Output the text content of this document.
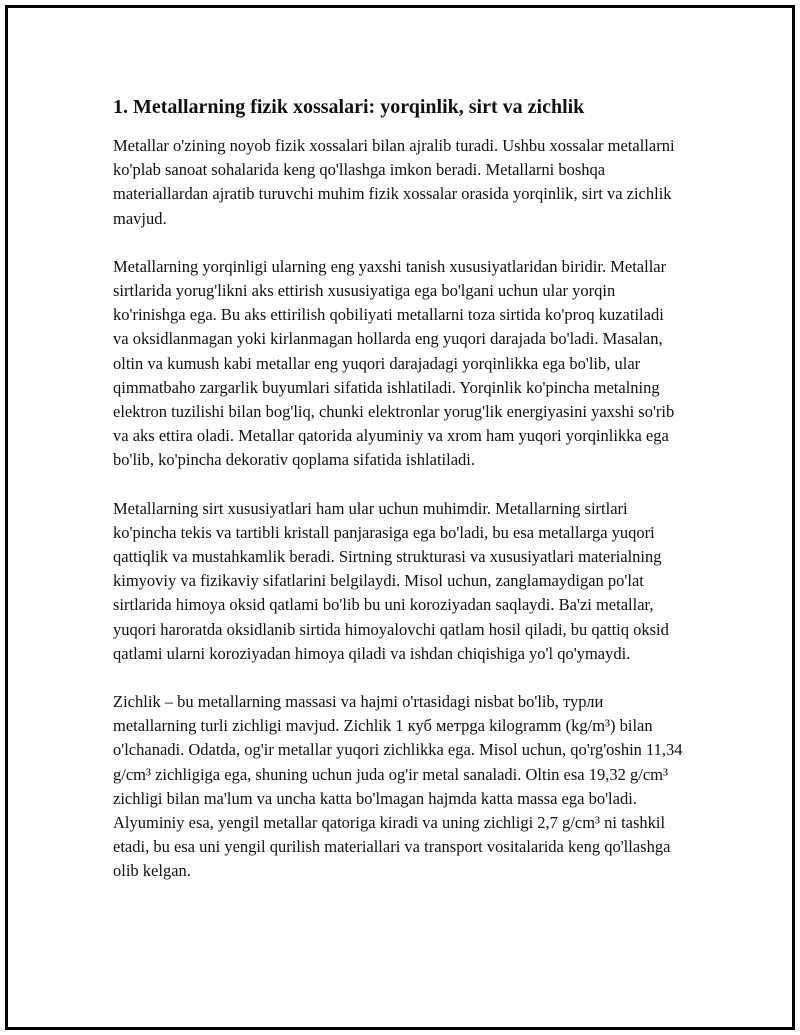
1. Metallarning fizik xossalari: yorqinlik, sirt va zichlik

Metallar o'zining noyob fizik xossalari bilan ajralib turadi. Ushbu xossalar metallarni ko'plab sanoat sohalarida keng qo'llashga imkon beradi. Metallarni boshqa materiallardan ajratib turuvchi muhim fizik xossalar orasida yorqinlik, sirt va zichlik mavjud.

Metallarning yorqinligi ularning eng yaxshi tanish xususiyatlaridan biridir. Metallar sirtlarida yorug'likni aks ettirish xususiyatiga ega bo'lgani uchun ular yorqin ko'rinishga ega. Bu aks ettirilish qobiliyati metallarni toza sirtida ko'proq kuzatiladi va oksidlanmagan yoki kirlanmagan hollarda eng yuqori darajada bo'ladi. Masalan, oltin va kumush kabi metallar eng yuqori darajadagi yorqinlikka ega bo'lib, ular qimmatbaho zargarlik buyumlari sifatida ishlatiladi. Yorqinlik ko'pincha metalning elektron tuzilishi bilan bog'liq, chunki elektronlar yorug'lik energiyasini yaxshi so'rib va aks ettira oladi. Metallar qatorida alyuminiy va xrom ham yuqori yorqinlikka ega bo'lib, ko'pincha dekorativ qoplama sifatida ishlatiladi.

Metallarning sirt xususiyatlari ham ular uchun muhimdir. Metallarning sirtlari ko'pincha tekis va tartibli kristall panjarasiga ega bo'ladi, bu esa metallarga yuqori qattiqlik va mustahkamlik beradi. Sirtning strukturasi va xususiyatlari materialning kimyoviy va fizikaviy sifatlarini belgilaydi. Misol uchun, zanglamaydigan po'lat sirtlarida himoya oksid qatlami bo'lib bu uni koroziyadan saqlaydi. Ba'zi metallar, yuqori haroratda oksidlanib sirtida himoyalovchi qatlam hosil qiladi, bu qattiq oksid qatlami ularni koroziyadan himoya qiladi va ishdan chiqishiga yo'l qo'ymaydi.

Zichlik – bu metallarning massasi va hajmi o'rtasidagi nisbat bo'lib, турли metallarning turli zichligi mavjud. Zichlik 1 куб метрga kilogramm (kg/m³) bilan o'lchanadi. Odatda, og'ir metallar yuqori zichlikka ega. Misol uchun, qo'rg'oshin 11,34 g/cm³ zichligiga ega, shuning uchun juda og'ir metal sanaladi. Oltin esa 19,32 g/cm³ zichligi bilan ma'lum va uncha katta bo'lmagan hajmda katta massa ega bo'ladi. Alyuminiy esa, yengil metallar qatoriga kiradi va uning zichligi 2,7 g/cm³ ni tashkil etadi, bu esa uni yengil qurilish materiallari va transport vositalarida keng qo'llashga olib kelgan.
